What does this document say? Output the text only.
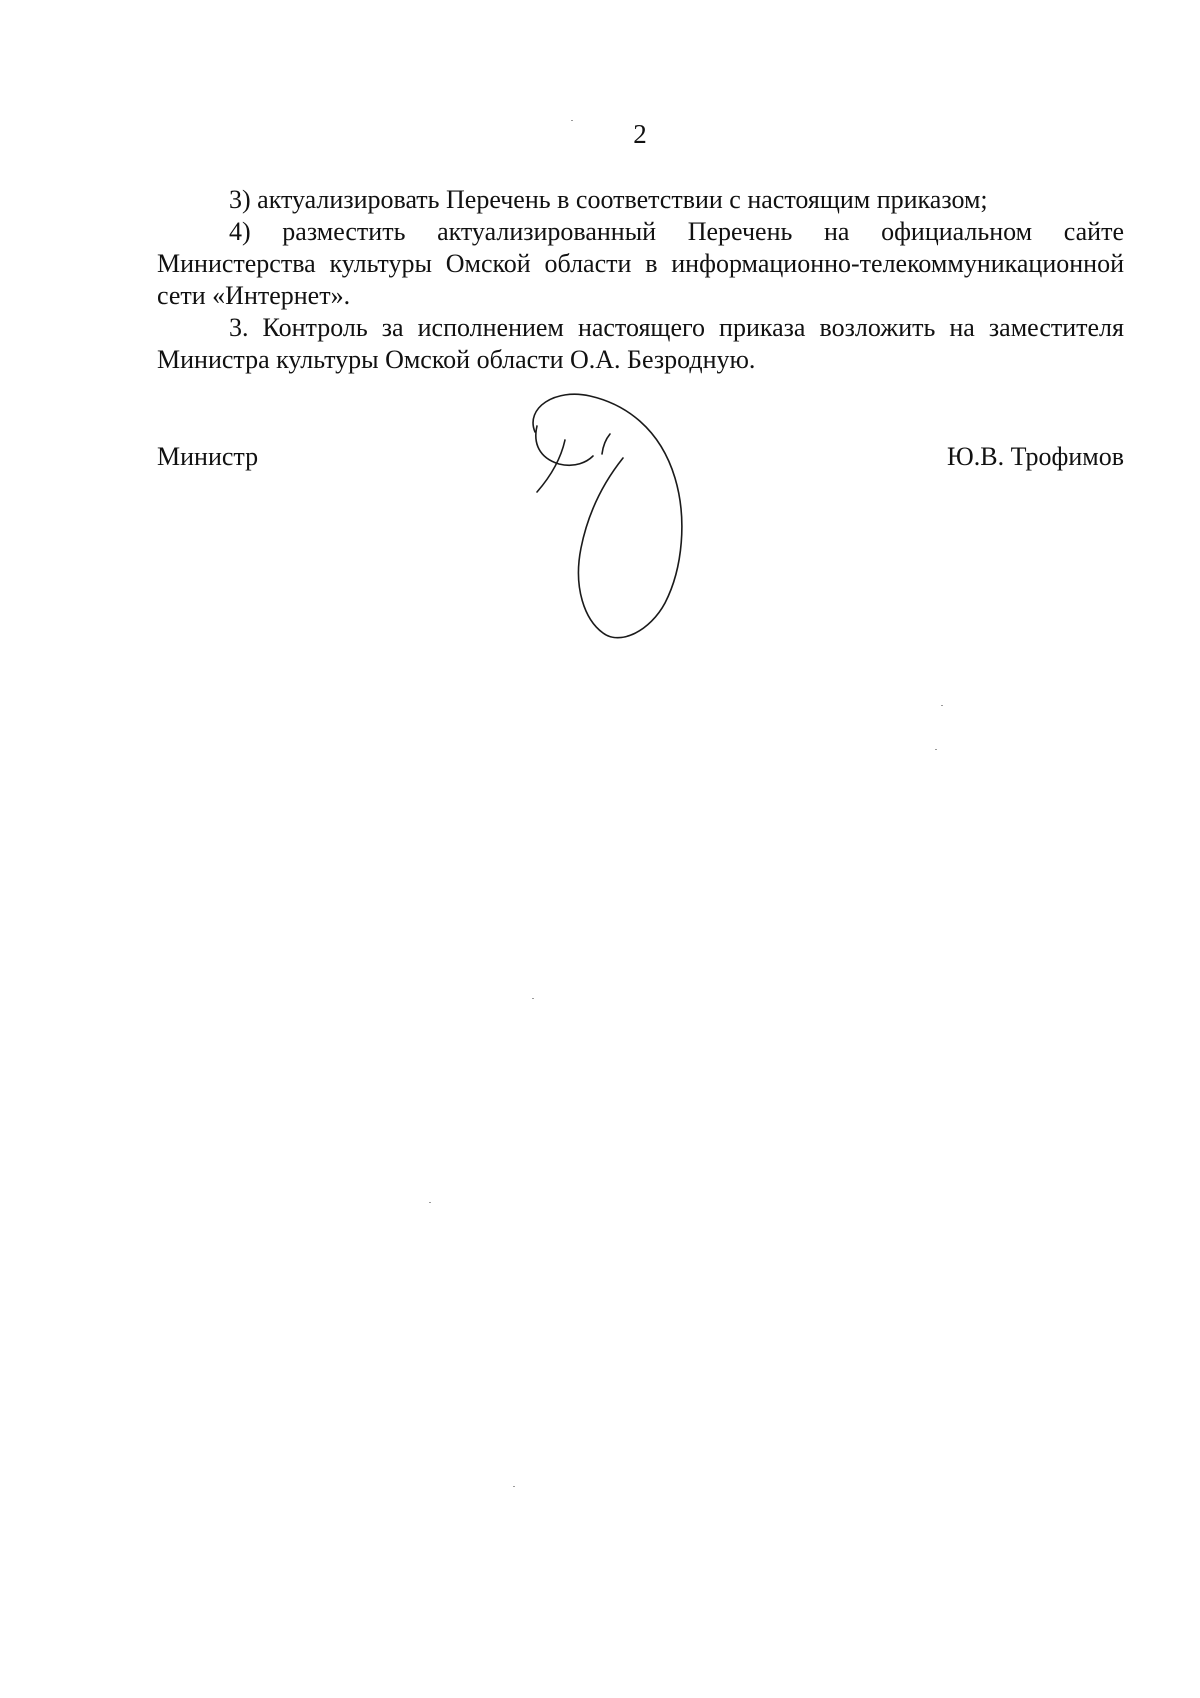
2

3) актуализировать Перечень в соответствии с настоящим приказом;

4) разместить актуализированный Перечень на официальном сайте Министерства культуры Омской области в информационно-телекоммуникационной сети «Интернет».

3. Контроль за исполнением настоящего приказа возложить на заместителя Министра культуры Омской области О.А. Безродную.

Министр	Ю.В. Трофимов
